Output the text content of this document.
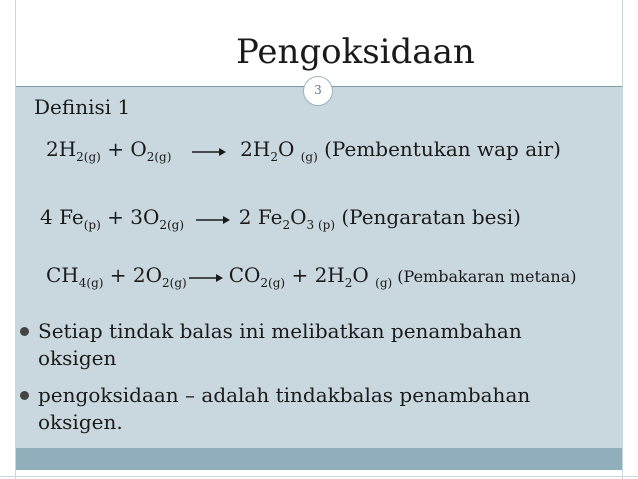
Pengoksidaan
3
Definisi 1
$2H_{2(g)} + O_{2(g)} \to 2H_2O$ $_{(g)}$ (Pembentukan wap air)
4 $Fe_{(p)} + 3O_{2(g)} \to 2$ $Fe_2O_{3 (p)}$ (Pengaratan besi)
$CH_{4(g)} + 2O_{2(g)} \to CO_{2(g)} + 2H_2O$ $_{(g)}$ (Pembakaran metana)
Setiap tindak balas ini melibatkan penambahan oksigen
pengoksidaan – adalah tindakbalas penambahan oksigen.
